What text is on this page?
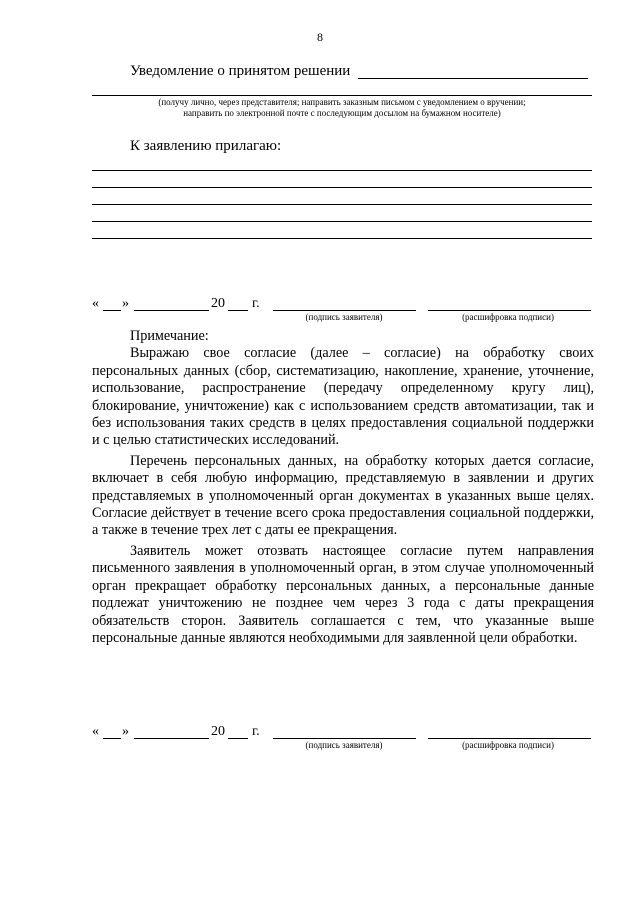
8
Уведомление о принятом решении
(получу лично, через представителя; направить заказным письмом с уведомлением о вручении;
направить по электронной почте с последующим досылом на бумажном носителе)
К заявлению прилагаю:
« »	20 г.
(подпись заявителя)	(расшифровка подписи)

Примечание:

Выражаю свое согласие (далее – согласие) на обработку своих персональных данных (сбор, систематизацию, накопление, хранение, уточнение, использование, распространение (передачу определенному кругу лиц), блокирование, уничтожение) как с использованием средств автоматизации, так и без использования таких средств в целях предоставления социальной поддержки и с целью статистических исследований.

Перечень персональных данных, на обработку которых дается согласие, включает в себя любую информацию, представляемую в заявлении и других представляемых в уполномоченный орган документах в указанных выше целях. Согласие действует в течение всего срока предоставления социальной поддержки, а также в течение трех лет с даты ее прекращения.

Заявитель может отозвать настоящее согласие путем направления письменного заявления в уполномоченный орган, в этом случае уполномоченный орган прекращает обработку персональных данных, а персональные данные подлежат уничтожению не позднее чем через 3 года с даты прекращения обязательств сторон. Заявитель соглашается с тем, что указанные выше персональные данные являются необходимыми для заявленной цели обработки.

« »	20 г.
(подпись заявителя)	(расшифровка подписи)
